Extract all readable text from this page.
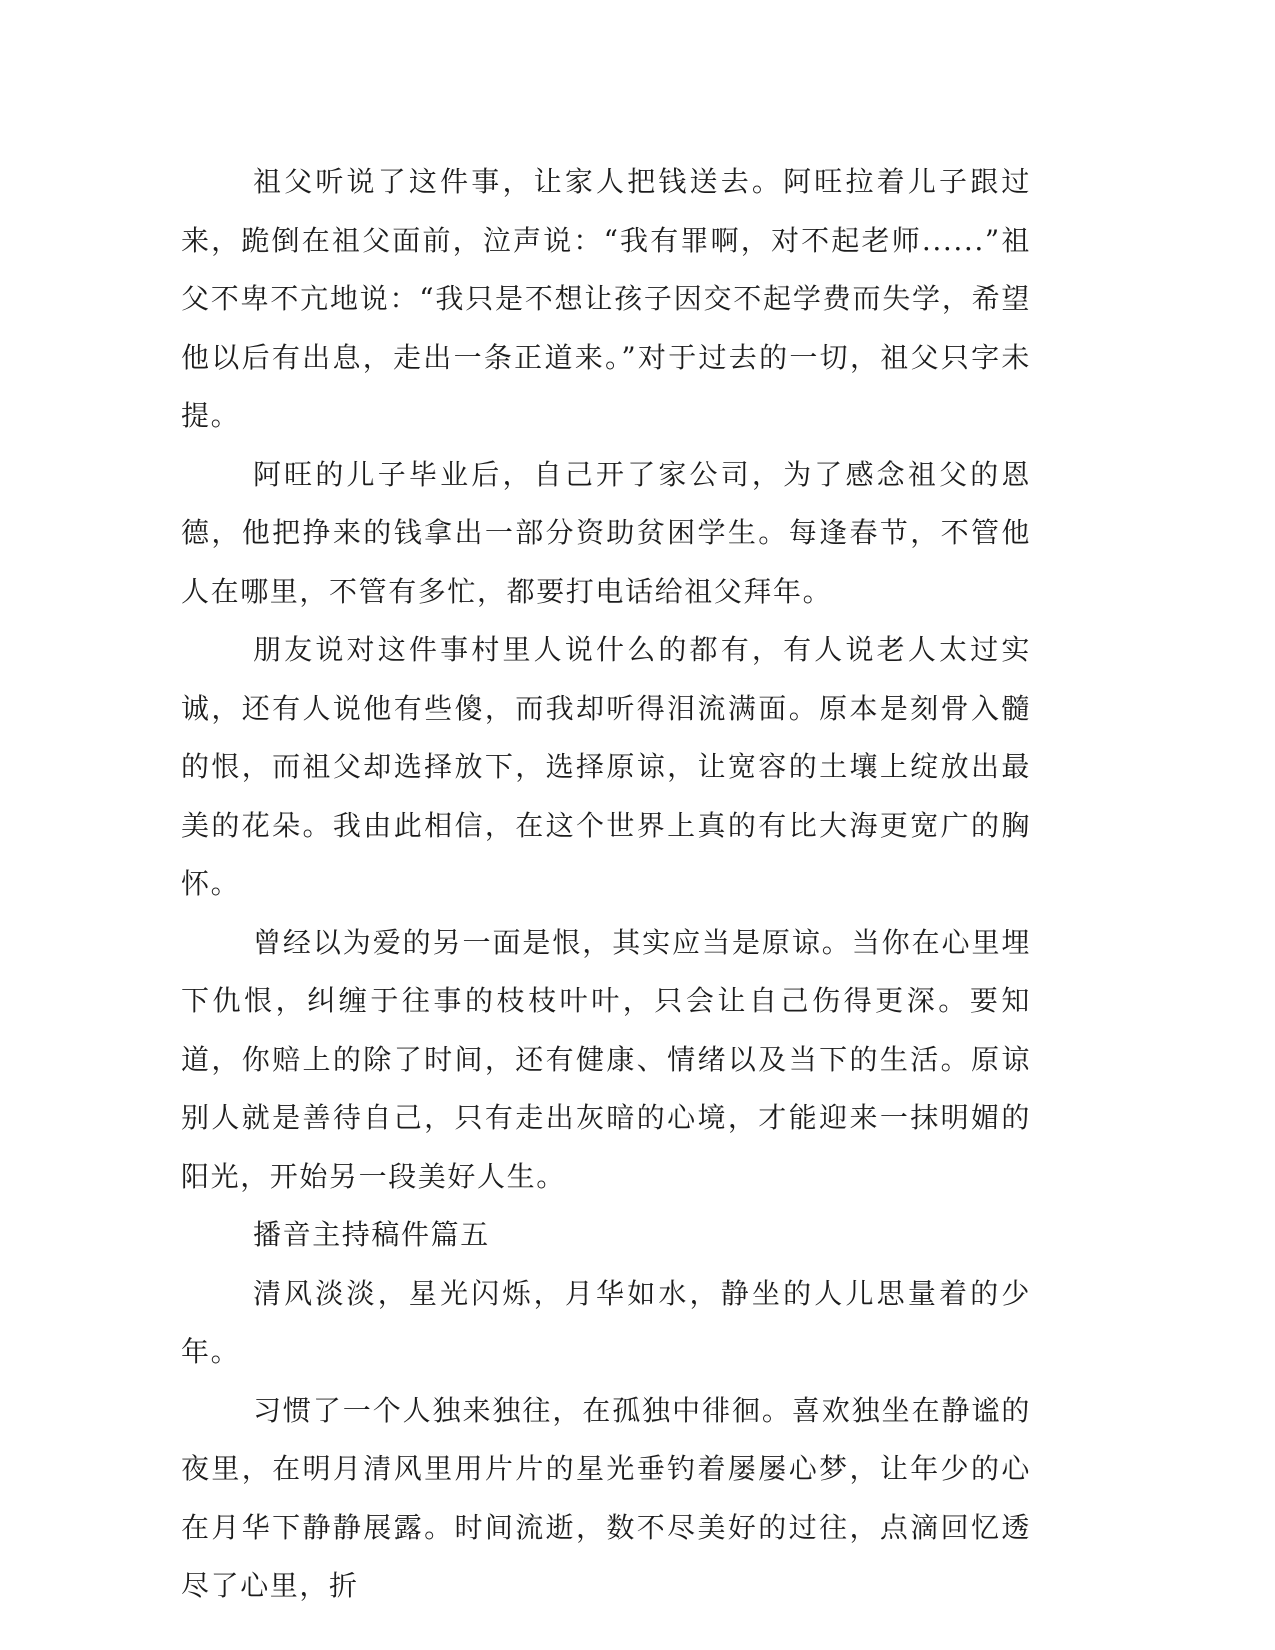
祖父听说了这件事，让家人把钱送去。阿旺拉着儿子跟过来，跪倒在祖父面前，泣声说：“我有罪啊，对不起老师......”祖父不卑不亢地说：“我只是不想让孩子因交不起学费而失学，希望他以后有出息，走出一条正道来。”对于过去的一切，祖父只字未提。

阿旺的儿子毕业后，自己开了家公司，为了感念祖父的恩德，他把挣来的钱拿出一部分资助贫困学生。每逢春节，不管他人在哪里，不管有多忙，都要打电话给祖父拜年。

朋友说对这件事村里人说什么的都有，有人说老人太过实诚，还有人说他有些傻，而我却听得泪流满面。原本是刻骨入髓的恨，而祖父却选择放下，选择原谅，让宽容的土壤上绽放出最美的花朵。我由此相信，在这个世界上真的有比大海更宽广的胸怀。

曾经以为爱的另一面是恨，其实应当是原谅。当你在心里埋下仇恨，纠缠于往事的枝枝叶叶，只会让自己伤得更深。要知道，你赔上的除了时间，还有健康、情绪以及当下的生活。原谅别人就是善待自己，只有走出灰暗的心境，才能迎来一抹明媚的阳光，开始另一段美好人生。

播音主持稿件篇五

清风淡淡，星光闪烁，月华如水，静坐的人儿思量着的少年。

习惯了一个人独来独往，在孤独中徘徊。喜欢独坐在静谧的夜里，在明月清风里用片片的星光垂钓着屡屡心梦，让年少的心在月华下静静展露。时间流逝，数不尽美好的过往，点滴回忆透尽了心里，折
